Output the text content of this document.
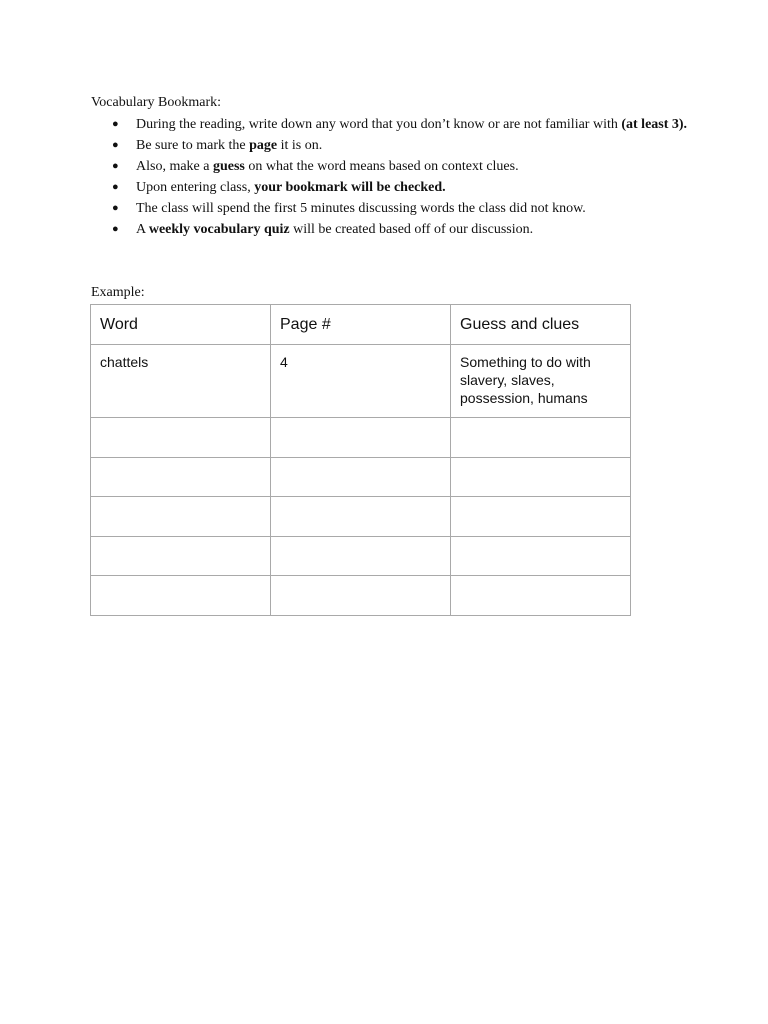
Vocabulary Bookmark:
● During the reading, write down any word that you don’t know or are not familiar with (at least 3).
● Be sure to mark the page it is on.
● Also, make a guess on what the word means based on context clues.
● Upon entering class, your bookmark will be checked.
● The class will spend the first 5 minutes discussing words the class did not know.
● A weekly vocabulary quiz will be created based off of our discussion.
Example:
Word	Page #	Guess and clues
chattels	4	Something to do with
slavery, slaves,
possession, humans
